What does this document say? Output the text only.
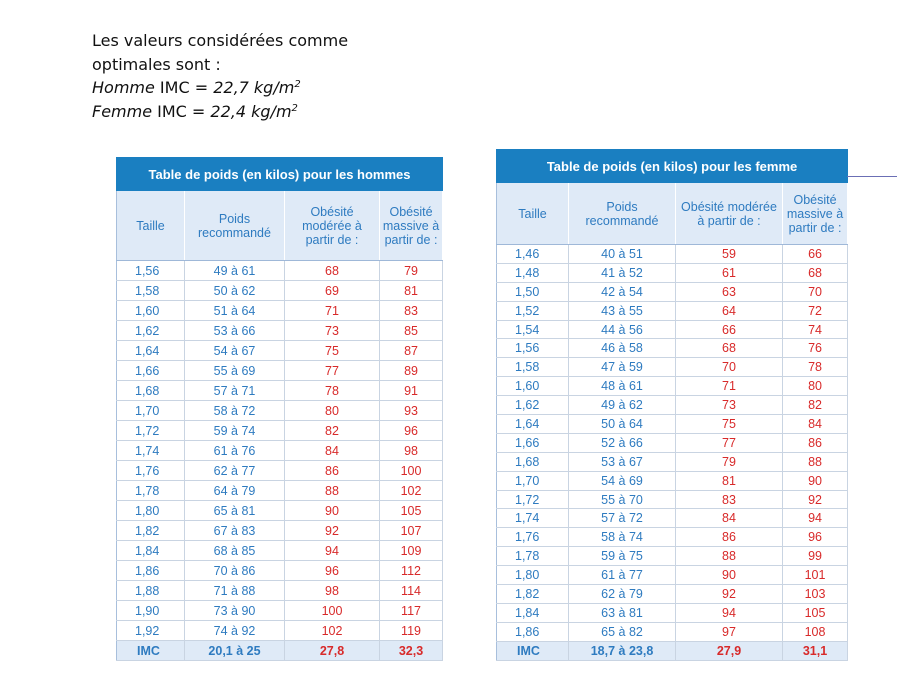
Les valeurs considérées comme
optimales sont :
Homme IMC = 22,7 $kg/m^2$
Femme IMC = 22,4 $kg/m^2$
Table de poids (en kilos) pour les hommes			
Taille	Poids recommandé	Obésité modérée à partir de :	Obésité massive à partir de :
1,56	49 à 61	68	79
1,58	50 à 62	69	81
1,60	51 à 64	71	83
1,62	53 à 66	73	85
1,64	54 à 67	75	87
1,66	55 à 69	77	89
1,68	57 à 71	78	91
1,70	58 à 72	80	93
1,72	59 à 74	82	96
1,74	61 à 76	84	98
1,76	62 à 77	86	100
1,78	64 à 79	88	102
1,80	65 à 81	90	105
1,82	67 à 83	92	107
1,84	68 à 85	94	109
1,86	70 à 86	96	112
1,88	71 à 88	98	114
1,90	73 à 90	100	117
1,92	74 à 92	102	119
IMC	20,1 à 25	27,8	32,3
Table de poids (en kilos) pour les femme			
Taille	Poids recommandé	Obésité modérée à partir de :	Obésité massive à partir de :
1,46	40 à 51	59	66
1,48	41 à 52	61	68
1,50	42 à 54	63	70
1,52	43 à 55	64	72
1,54	44 à 56	66	74
1,56	46 à 58	68	76
1,58	47 à 59	70	78
1,60	48 à 61	71	80
1,62	49 à 62	73	82
1,64	50 à 64	75	84
1,66	52 à 66	77	86
1,68	53 à 67	79	88
1,70	54 à 69	81	90
1,72	55 à 70	83	92
1,74	57 à 72	84	94
1,76	58 à 74	86	96
1,78	59 à 75	88	99
1,80	61 à 77	90	101
1,82	62 à 79	92	103
1,84	63 à 81	94	105
1,86	65 à 82	97	108
IMC	18,7 à 23,8	27,9	31,1
